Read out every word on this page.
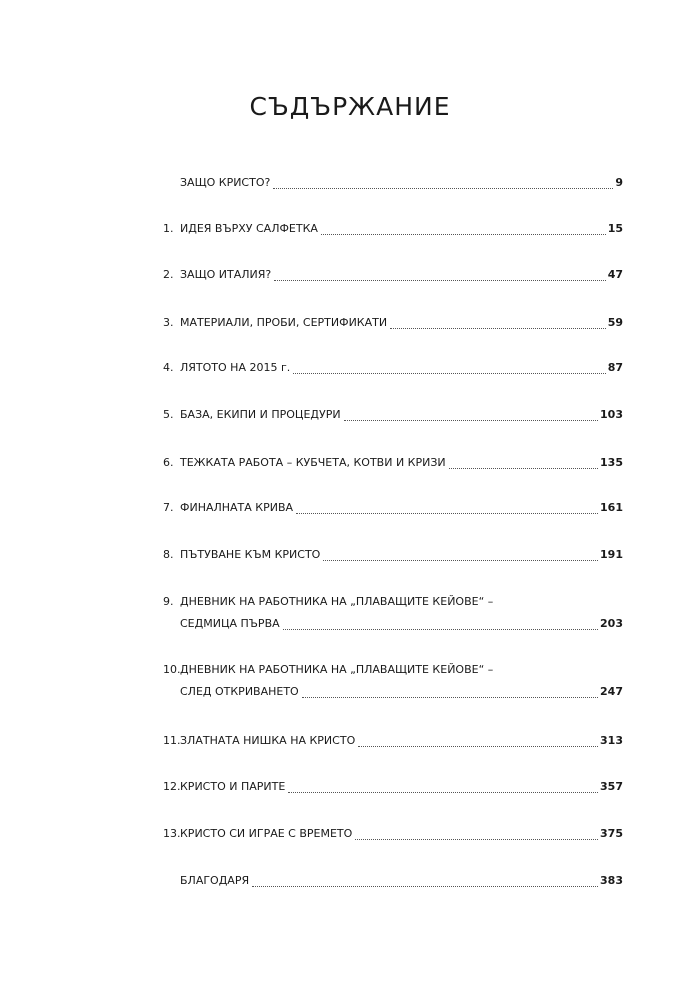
СЪДЪРЖАНИЕ
ЗАЩО КРИСТО?	9
1. ИДЕЯ ВЪРХУ САЛФЕТКА	15
2. ЗАЩО ИТАЛИЯ?	47
3. МАТЕРИАЛИ, ПРОБИ, СЕРТИФИКАТИ	59
4. ЛЯТОТО НА 2015 г.	87
5. БАЗА, ЕКИПИ И ПРОЦЕДУРИ	103
6. ТЕЖКАТА РАБОТА – КУБЧЕТА, КОТВИ И КРИЗИ	135
7. ФИНАЛНАТА КРИВА	161
8. ПЪТУВАНЕ КЪМ КРИСТО	191
9. ДНЕВНИК НА РАБОТНИКА НА „ПЛАВАЩИТЕ КЕЙОВЕ“ –
СЕДМИЦА ПЪРВА	203
10. ДНЕВНИК НА РАБОТНИКА НА „ПЛАВАЩИТЕ КЕЙОВЕ“ –
СЛЕД ОТКРИВАНЕТО	247
11. ЗЛАТНАТА НИШКА НА КРИСТО	313
12. КРИСТО И ПАРИТЕ	357
13. КРИСТО СИ ИГРАЕ С ВРЕМЕТО	375
БЛАГОДАРЯ	383
